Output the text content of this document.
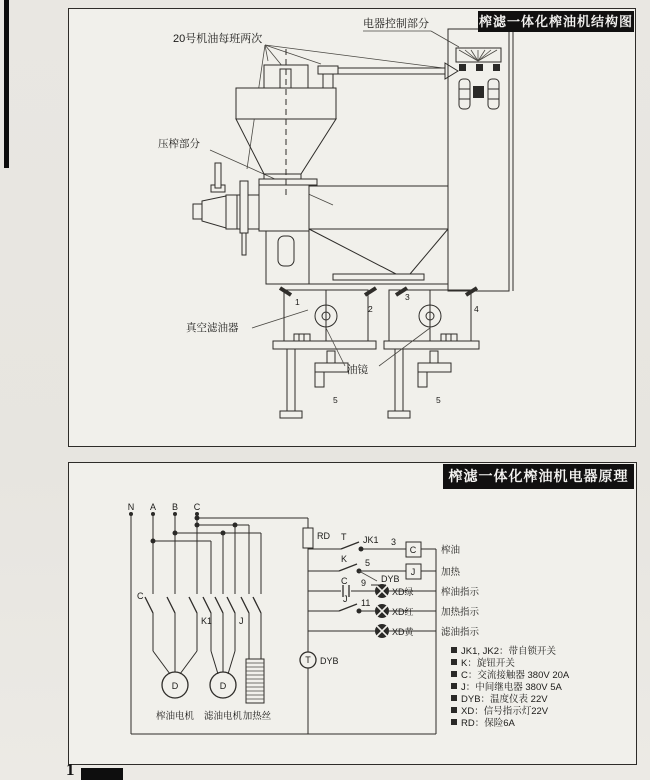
20号机油每班两次
电器控制部分
压榨部分
真空滤油器
油镜
1
2
3
4
5	5
榨滤一体化榨油机结构图
D	D
N A B C
RD
C
K1	J
T DYB
T JK1 3
C	榨油
K 5
DYB
J	加热
C 9
XD绿	榨油指示
J 11
XD红	加热指示
XD黄	滤油指示
榨油电机 滤油电机 加热丝
JK1, JK2：带自锁开关
K：旋钮开关
C：交流接触器 380V 20A
J：中间继电器 380V 5A
DYB：温度仪表 22V
XD：信号指示灯22V
RD：保险6A
榨滤一体化榨油机电器原理
1
